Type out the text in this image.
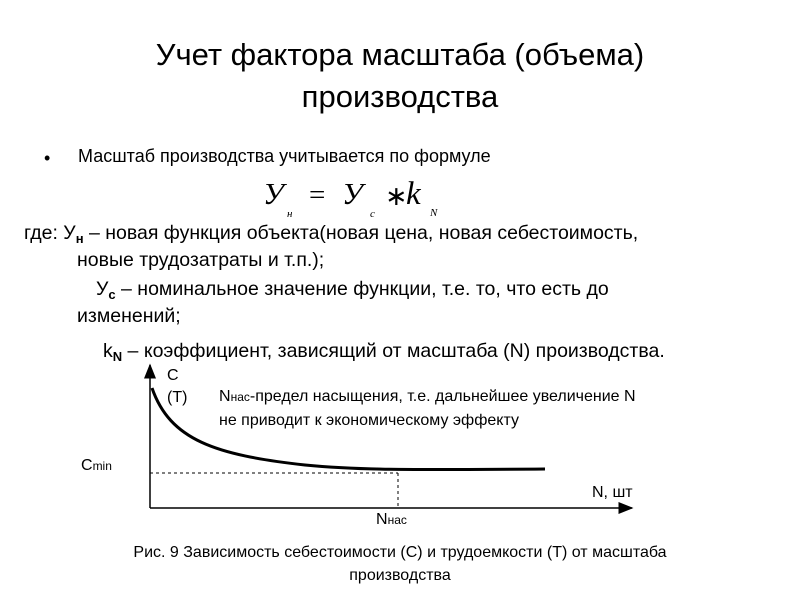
Учет фактора масштаба (объема)
производства
• Масштаб производства учитывается по формуле
У
н
= У
с
∗
k
N
где: $У_н$ – новая функция объекта(новая цена, новая себестоимость,
новые трудозатраты и т.п.);
$У_с$ – номинальное значение функции, т.е. то, что есть до
изменений;
$k_N$ – коэффициент, зависящий от масштаба (N) производства.
C
(T) Nнас-предел насыщения, т.е. дальнейшее увеличение N
не приводит к экономическому эффекту
Cmin
N, шт
Nнас
Рис. 9 Зависимость себестоимости (С) и трудоемкости (Т) от масштаба
производства
